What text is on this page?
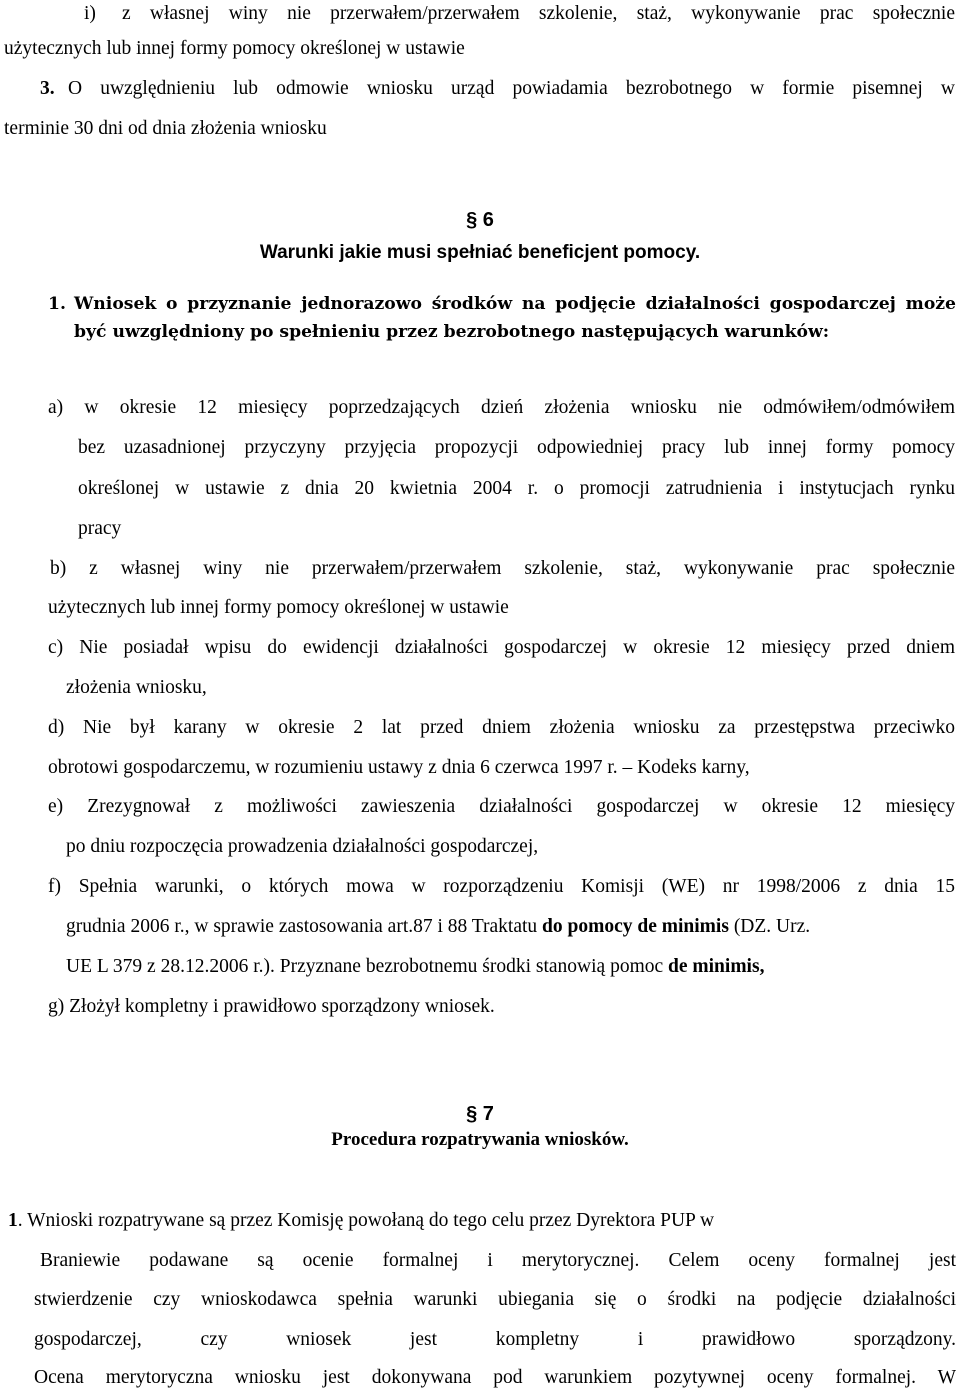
i) z własnej winy nie przerwałem/przerwałem szkolenie, staż, wykonywanie prac społecznie
użytecznych lub innej formy pomocy określonej w ustawie
3. O uwzględnieniu lub odmowie wniosku urząd powiadamia bezrobotnego w formie pisemnej w
terminie 30 dni od dnia złożenia wniosku
§ 6
Warunki jakie musi spełniać beneficjent pomocy.
1. Wniosek o przyznanie jednorazowo środków na podjęcie działalności gospodarczej może
być uwzględniony po spełnieniu przez bezrobotnego następujących warunków:
a) w okresie 12 miesięcy poprzedzających dzień złożenia wniosku nie odmówiłem/odmówiłem
bez uzasadnionej przyczyny przyjęcia propozycji odpowiedniej pracy lub innej formy pomocy
określonej w ustawie z dnia 20 kwietnia 2004 r. o promocji zatrudnienia i instytucjach rynku
pracy
b) z własnej winy nie przerwałem/przerwałem szkolenie, staż, wykonywanie prac społecznie
użytecznych lub innej formy pomocy określonej w ustawie
c) Nie posiadał wpisu do ewidencji działalności gospodarczej w okresie 12 miesięcy przed dniem
złożenia wniosku,
d) Nie był karany w okresie 2 lat przed dniem złożenia wniosku za przestępstwa przeciwko
obrotowi gospodarczemu, w rozumieniu ustawy z dnia 6 czerwca 1997 r. – Kodeks karny,
e) Zrezygnował z możliwości zawieszenia działalności gospodarczej w okresie 12 miesięcy
po dniu rozpoczęcia prowadzenia działalności gospodarczej,
f) Spełnia warunki, o których mowa w rozporządzeniu Komisji (WE) nr 1998/2006 z dnia 15
grudnia 2006 r., w sprawie zastosowania art.87 i 88 Traktatu do pomocy de minimis (DZ. Urz.
UE L 379 z 28.12.2006 r.). Przyznane bezrobotnemu środki stanowią pomoc de minimis,
g) Złożył kompletny i prawidłowo sporządzony wniosek.
§ 7
Procedura rozpatrywania wniosków.
1. Wnioski rozpatrywane są przez Komisję powołaną do tego celu przez Dyrektora PUP w
Braniewie podawane są ocenie formalnej i merytorycznej. Celem oceny formalnej jest
stwierdzenie czy wnioskodawca spełnia warunki ubiegania się o środki na podjęcie działalności
gospodarczej, czy wniosek jest kompletny i prawidłowo sporządzony.
Ocena merytoryczna wniosku jest dokonywana pod warunkiem pozytywnej oceny formalnej. W
